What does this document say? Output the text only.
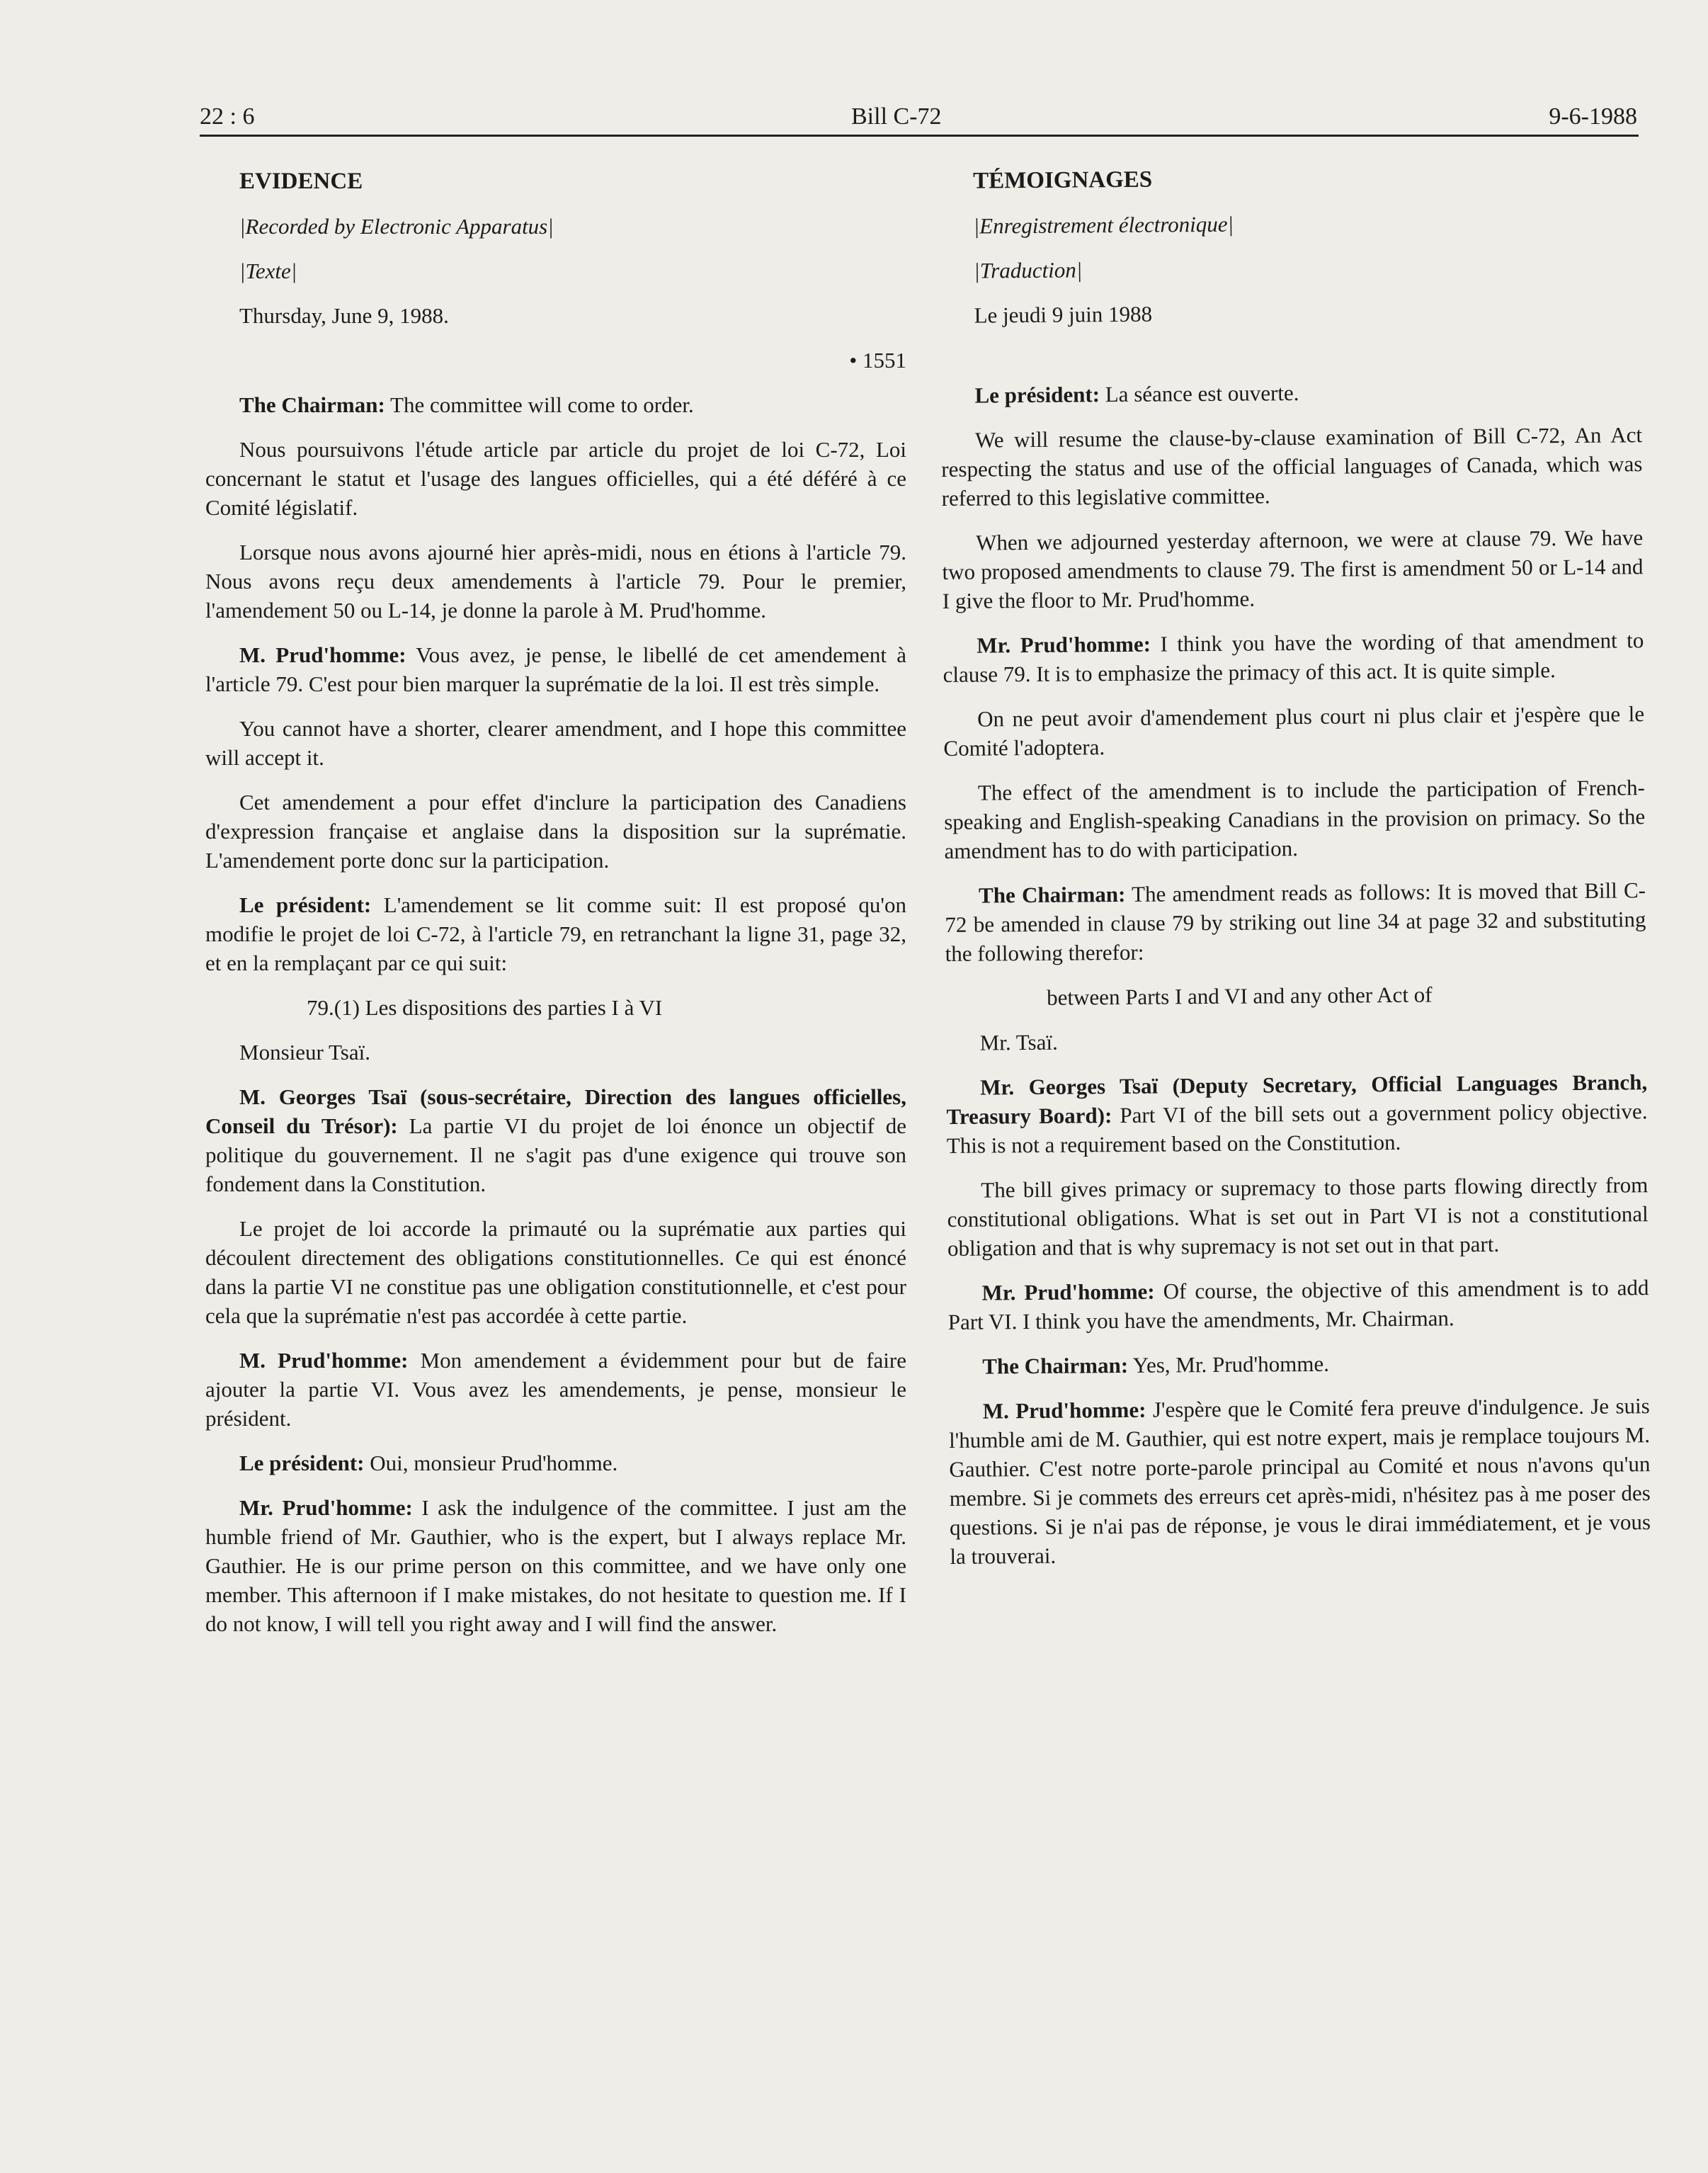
22 : 6	Bill C-72	9-6-1988

EVIDENCE

|Recorded by Electronic Apparatus|

|Texte|

Thursday, June 9, 1988.

• 1551

The Chairman: The committee will come to order.

Nous poursuivons l'étude article par article du projet de loi C-72, Loi concernant le statut et l'usage des langues officielles, qui a été déféré à ce Comité législatif.

Lorsque nous avons ajourné hier après-midi, nous en étions à l'article 79. Nous avons reçu deux amendements à l'article 79. Pour le premier, l'amendement 50 ou L-14, je donne la parole à M. Prud'homme.

M. Prud'homme: Vous avez, je pense, le libellé de cet amendement à l'article 79. C'est pour bien marquer la suprématie de la loi. Il est très simple.

You cannot have a shorter, clearer amendment, and I hope this committee will accept it.

Cet amendement a pour effet d'inclure la participation des Canadiens d'expression française et anglaise dans la disposition sur la suprématie. L'amendement porte donc sur la participation.

Le président: L'amendement se lit comme suit: Il est proposé qu'on modifie le projet de loi C-72, à l'article 79, en retranchant la ligne 31, page 32, et en la remplaçant par ce qui suit:

79.(1) Les dispositions des parties I à VI

Monsieur Tsaï.

M. Georges Tsaï (sous-secrétaire, Direction des langues officielles, Conseil du Trésor): La partie VI du projet de loi énonce un objectif de politique du gouvernement. Il ne s'agit pas d'une exigence qui trouve son fondement dans la Constitution.

Le projet de loi accorde la primauté ou la suprématie aux parties qui découlent directement des obligations constitutionnelles. Ce qui est énoncé dans la partie VI ne constitue pas une obligation constitutionnelle, et c'est pour cela que la suprématie n'est pas accordée à cette partie.

M. Prud'homme: Mon amendement a évidemment pour but de faire ajouter la partie VI. Vous avez les amendements, je pense, monsieur le président.

Le président: Oui, monsieur Prud'homme.

Mr. Prud'homme: I ask the indulgence of the committee. I just am the humble friend of Mr. Gauthier, who is the expert, but I always replace Mr. Gauthier. He is our prime person on this committee, and we have only one member. This afternoon if I make mistakes, do not hesitate to question me. If I do not know, I will tell you right away and I will find the answer.

TÉMOIGNAGES

|Enregistrement électronique|

|Traduction|

Le jeudi 9 juin 1988

Le président: La séance est ouverte.

We will resume the clause-by-clause examination of Bill C-72, An Act respecting the status and use of the official languages of Canada, which was referred to this legislative committee.

When we adjourned yesterday afternoon, we were at clause 79. We have two proposed amendments to clause 79. The first is amendment 50 or L-14 and I give the floor to Mr. Prud'homme.

Mr. Prud'homme: I think you have the wording of that amendment to clause 79. It is to emphasize the primacy of this act. It is quite simple.

On ne peut avoir d'amendement plus court ni plus clair et j'espère que le Comité l'adoptera.

The effect of the amendment is to include the participation of French-speaking and English-speaking Canadians in the provision on primacy. So the amendment has to do with participation.

The Chairman: The amendment reads as follows: It is moved that Bill C-72 be amended in clause 79 by striking out line 34 at page 32 and substituting the following therefor:

between Parts I and VI and any other Act of

Mr. Tsaï.

Mr. Georges Tsaï (Deputy Secretary, Official Languages Branch, Treasury Board): Part VI of the bill sets out a government policy objective. This is not a requirement based on the Constitution.

The bill gives primacy or supremacy to those parts flowing directly from constitutional obligations. What is set out in Part VI is not a constitutional obligation and that is why supremacy is not set out in that part.

Mr. Prud'homme: Of course, the objective of this amendment is to add Part VI. I think you have the amendments, Mr. Chairman.

The Chairman: Yes, Mr. Prud'homme.

M. Prud'homme: J'espère que le Comité fera preuve d'indulgence. Je suis l'humble ami de M. Gauthier, qui est notre expert, mais je remplace toujours M. Gauthier. C'est notre porte-parole principal au Comité et nous n'avons qu'un membre. Si je commets des erreurs cet après-midi, n'hésitez pas à me poser des questions. Si je n'ai pas de réponse, je vous le dirai immédiatement, et je vous la trouverai.
